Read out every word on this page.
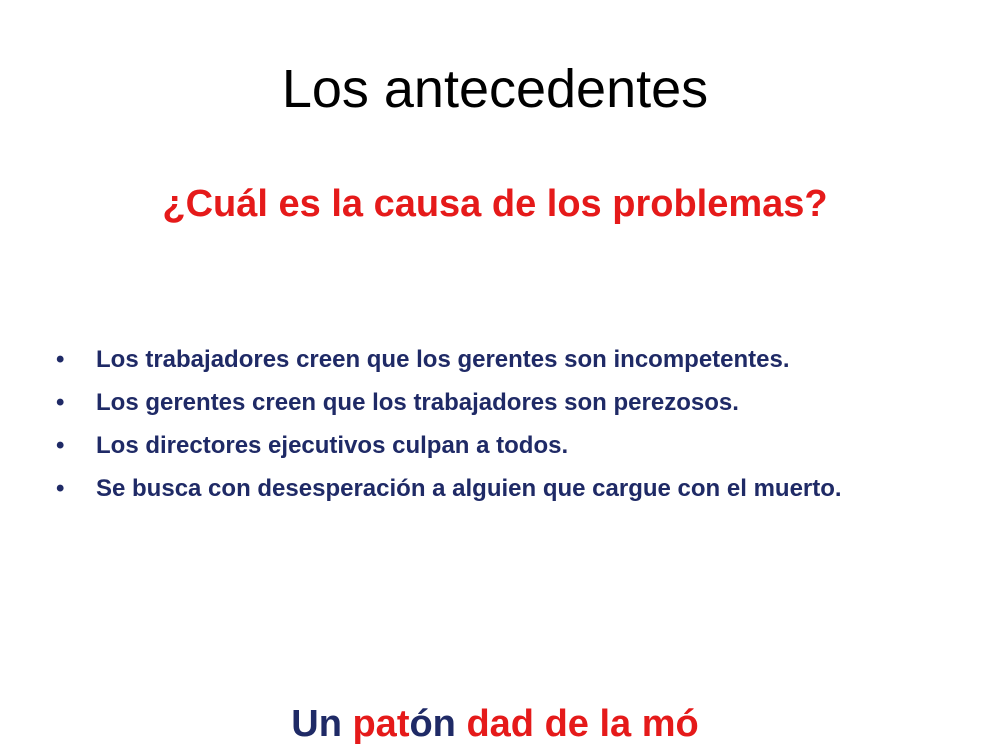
Los antecedentes
¿Cuál es la causa de los problemas?
• Los trabajadores creen que los gerentes son incompetentes.
• Los gerentes creen que los trabajadores son perezosos.
• Los directores ejecutivos culpan a todos.
• Se busca con desesperación a alguien que cargue con el muerto.
Un patón dad de la mó
